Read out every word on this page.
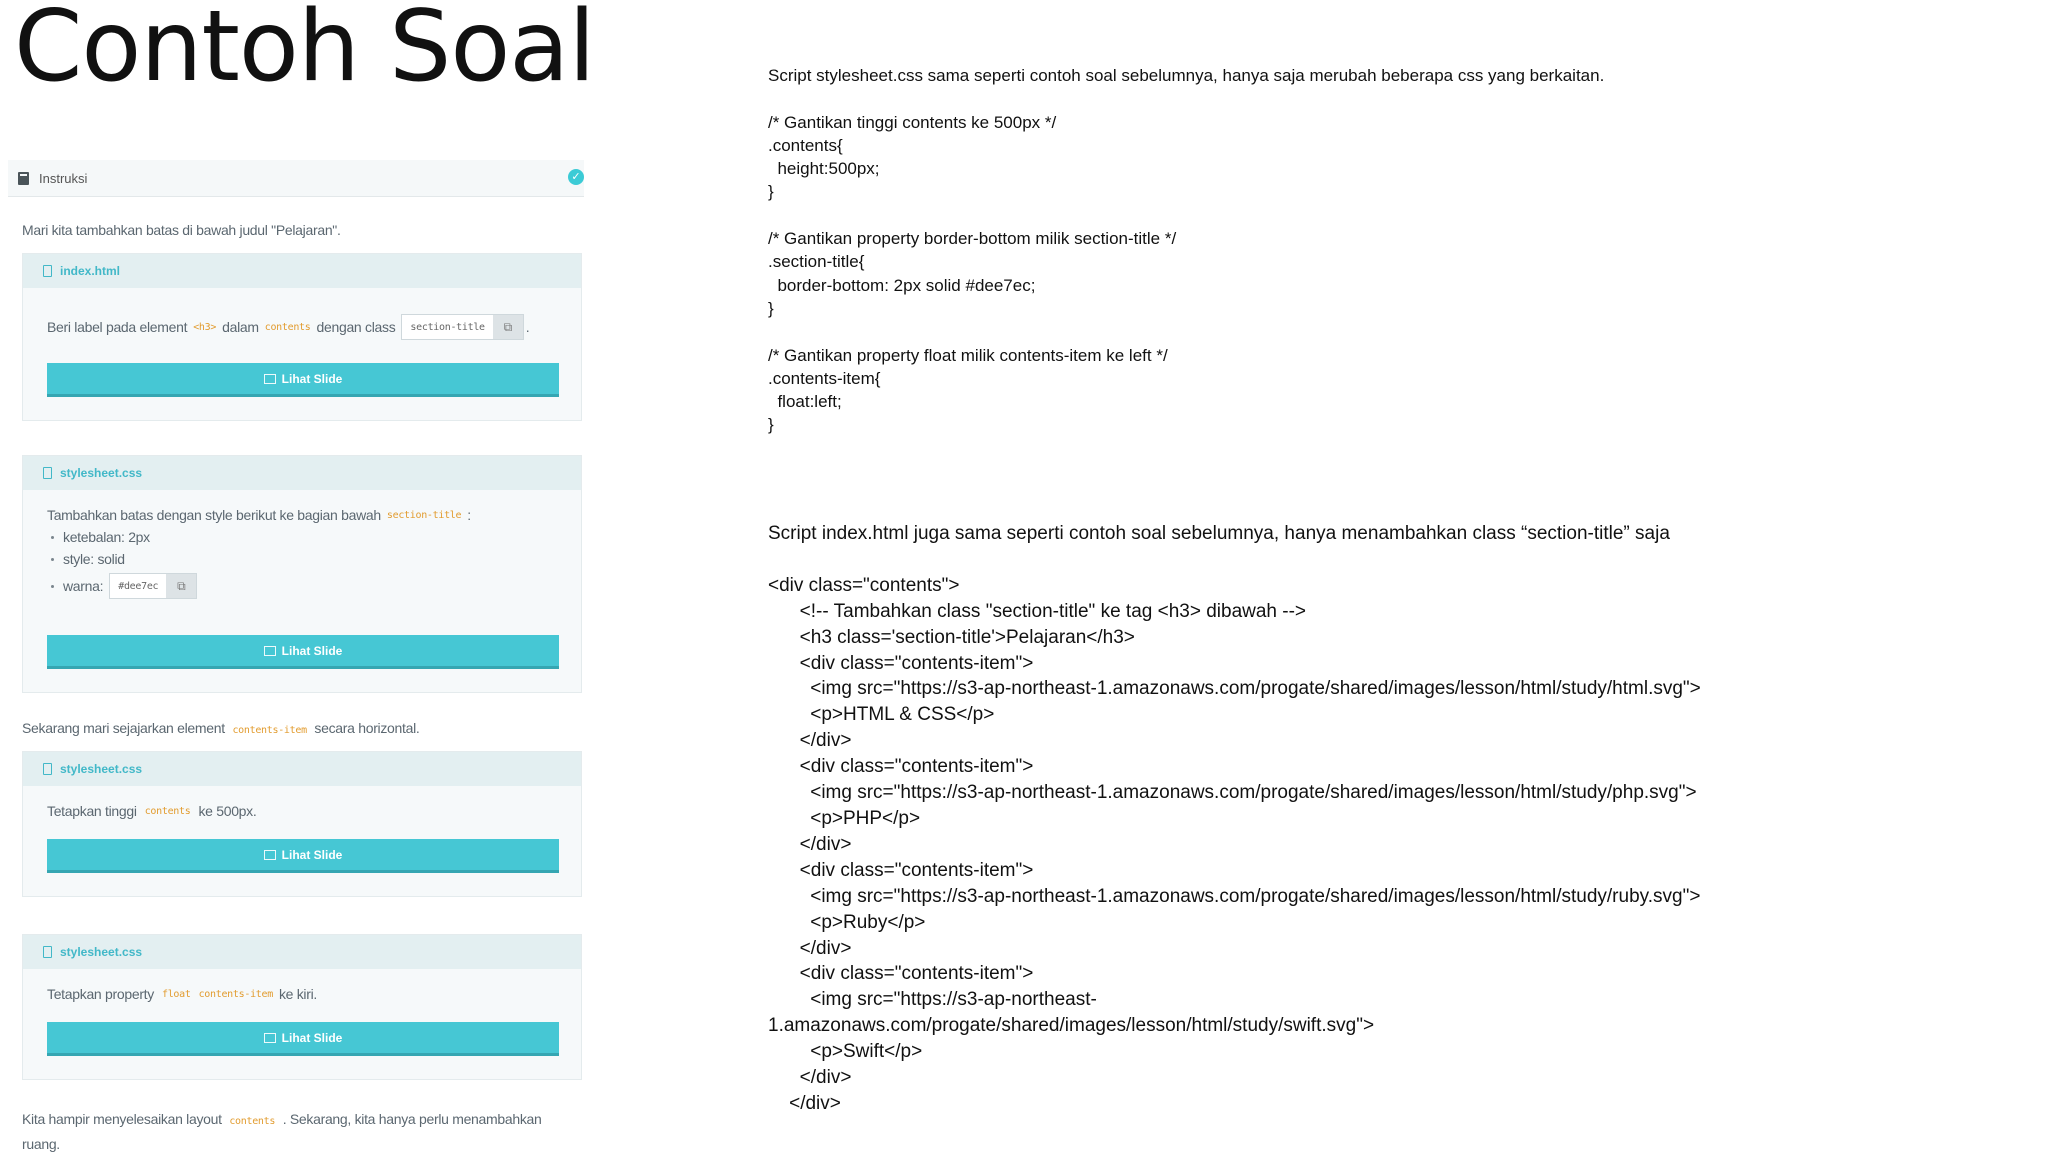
Contoh Soal
Instruksi	✓
Mari kita tambahkan batas di bawah judul "Pelajaran".
index.html
Beri label pada element <h3> dalam contents dengan class	section-title	⧉ .
Lihat Slide
stylesheet.css
Tambahkan batas dengan style berikut ke bagian bawah section-title :
ketebalan: 2px
style: solid
warna:	#dee7ec	⧉
Lihat Slide
Sekarang mari sejajarkan element contents-item secara horizontal.
stylesheet.css
Tetapkan tinggi contents ke 500px.
Lihat Slide
stylesheet.css
Tetapkan property float contents-item ke kiri.
Lihat Slide
Kita hampir menyelesaikan layout contents . Sekarang, kita hanya perlu menambahkan
ruang.
Script stylesheet.css sama seperti contoh soal sebelumnya, hanya saja merubah beberapa css yang berkaitan.

/* Gantikan tinggi contents ke 500px */
.contents{
height:500px;
}

/* Gantikan property border-bottom milik section-title */
.section-title{
border-bottom: 2px solid #dee7ec;
}

/* Gantikan property float milik contents-item ke left */
.contents-item{
float:left;
}
Script index.html juga sama seperti contoh soal sebelumnya, hanya menambahkan class “section-title” saja

<div class="contents">
<!-- Tambahkan class "section-title" ke tag <h3> dibawah -->
<h3 class='section-title'>Pelajaran</h3>
<div class="contents-item">
<img src="https://s3-ap-northeast-1.amazonaws.com/progate/shared/images/lesson/html/study/html.svg">
<p>HTML & CSS</p>
</div>
<div class="contents-item">
<img src="https://s3-ap-northeast-1.amazonaws.com/progate/shared/images/lesson/html/study/php.svg">
<p>PHP</p>
</div>
<div class="contents-item">
<img src="https://s3-ap-northeast-1.amazonaws.com/progate/shared/images/lesson/html/study/ruby.svg">
<p>Ruby</p>
</div>
<div class="contents-item">
<img src="https://s3-ap-northeast-
1.amazonaws.com/progate/shared/images/lesson/html/study/swift.svg">
<p>Swift</p>
</div>
</div>
